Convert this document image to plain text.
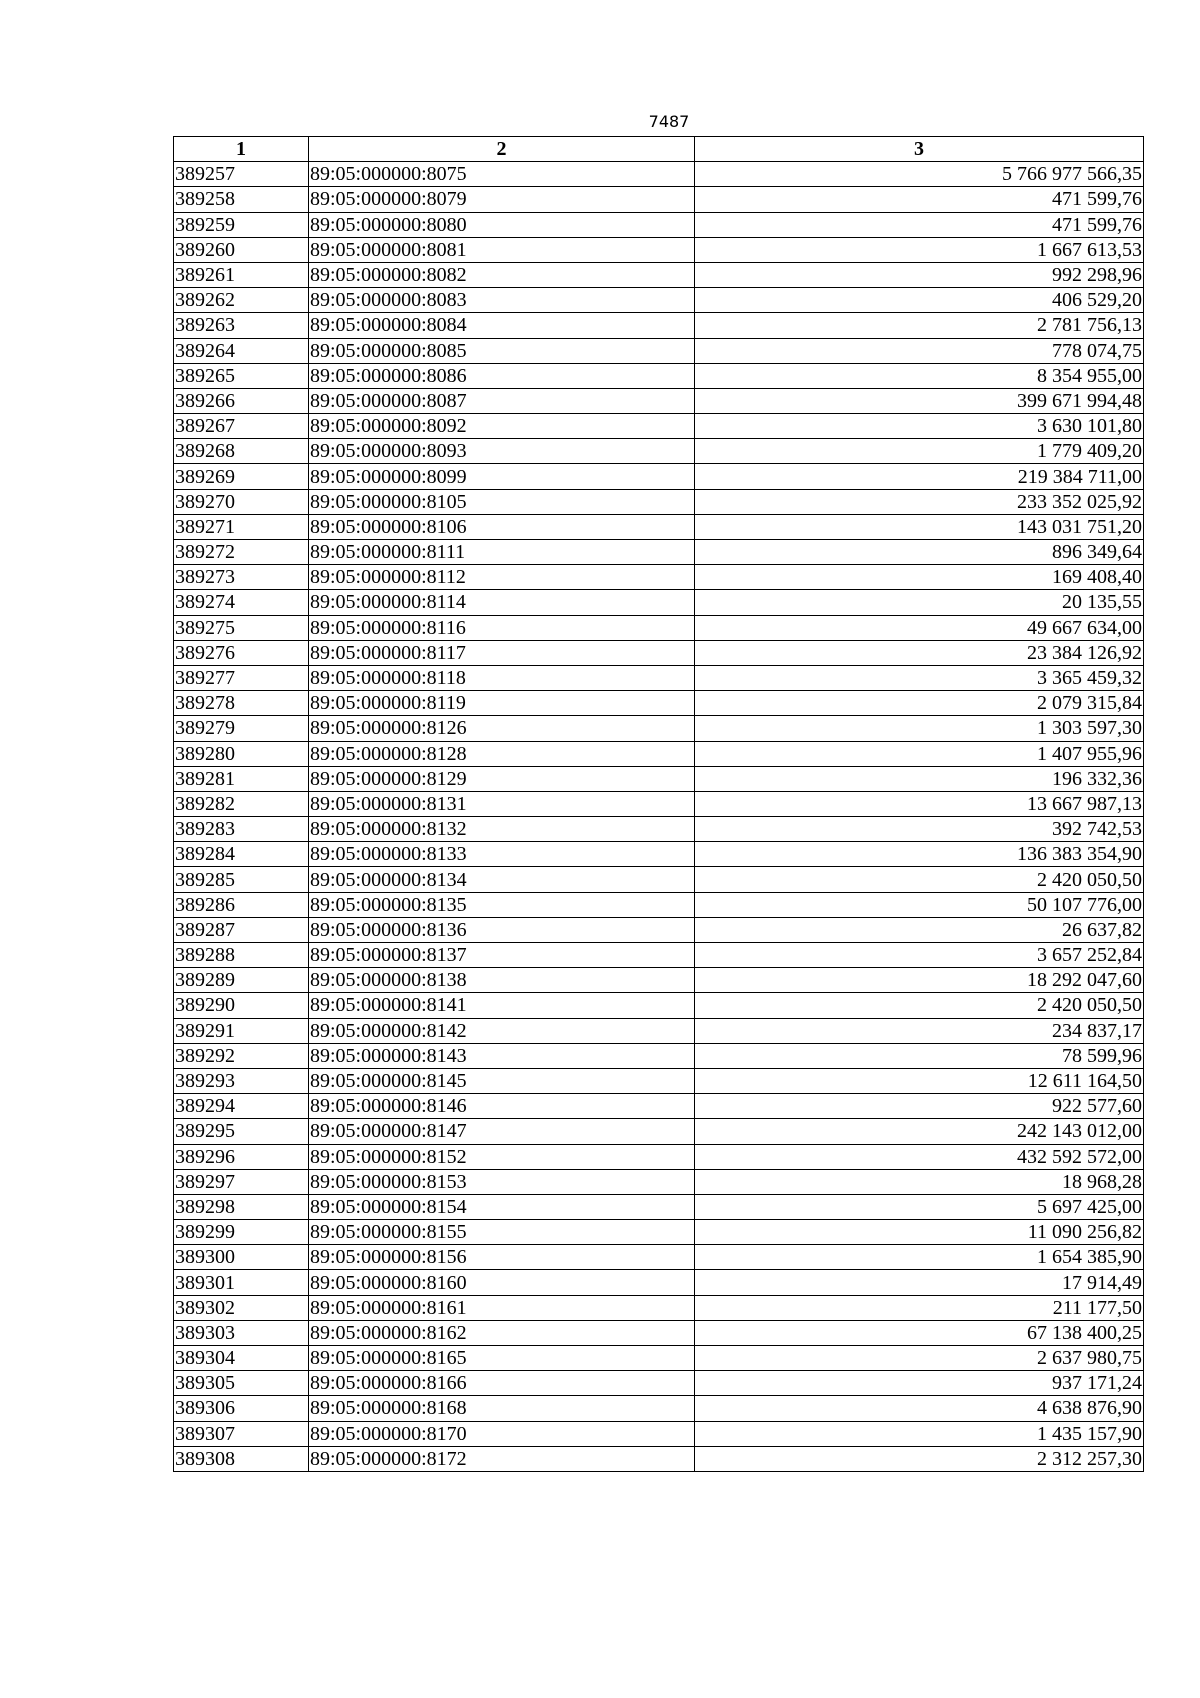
7487
1	2	3
389257	89:05:000000:8075	5 766 977 566,35
389258	89:05:000000:8079	471 599,76
389259	89:05:000000:8080	471 599,76
389260	89:05:000000:8081	1 667 613,53
389261	89:05:000000:8082	992 298,96
389262	89:05:000000:8083	406 529,20
389263	89:05:000000:8084	2 781 756,13
389264	89:05:000000:8085	778 074,75
389265	89:05:000000:8086	8 354 955,00
389266	89:05:000000:8087	399 671 994,48
389267	89:05:000000:8092	3 630 101,80
389268	89:05:000000:8093	1 779 409,20
389269	89:05:000000:8099	219 384 711,00
389270	89:05:000000:8105	233 352 025,92
389271	89:05:000000:8106	143 031 751,20
389272	89:05:000000:8111	896 349,64
389273	89:05:000000:8112	169 408,40
389274	89:05:000000:8114	20 135,55
389275	89:05:000000:8116	49 667 634,00
389276	89:05:000000:8117	23 384 126,92
389277	89:05:000000:8118	3 365 459,32
389278	89:05:000000:8119	2 079 315,84
389279	89:05:000000:8126	1 303 597,30
389280	89:05:000000:8128	1 407 955,96
389281	89:05:000000:8129	196 332,36
389282	89:05:000000:8131	13 667 987,13
389283	89:05:000000:8132	392 742,53
389284	89:05:000000:8133	136 383 354,90
389285	89:05:000000:8134	2 420 050,50
389286	89:05:000000:8135	50 107 776,00
389287	89:05:000000:8136	26 637,82
389288	89:05:000000:8137	3 657 252,84
389289	89:05:000000:8138	18 292 047,60
389290	89:05:000000:8141	2 420 050,50
389291	89:05:000000:8142	234 837,17
389292	89:05:000000:8143	78 599,96
389293	89:05:000000:8145	12 611 164,50
389294	89:05:000000:8146	922 577,60
389295	89:05:000000:8147	242 143 012,00
389296	89:05:000000:8152	432 592 572,00
389297	89:05:000000:8153	18 968,28
389298	89:05:000000:8154	5 697 425,00
389299	89:05:000000:8155	11 090 256,82
389300	89:05:000000:8156	1 654 385,90
389301	89:05:000000:8160	17 914,49
389302	89:05:000000:8161	211 177,50
389303	89:05:000000:8162	67 138 400,25
389304	89:05:000000:8165	2 637 980,75
389305	89:05:000000:8166	937 171,24
389306	89:05:000000:8168	4 638 876,90
389307	89:05:000000:8170	1 435 157,90
389308	89:05:000000:8172	2 312 257,30
